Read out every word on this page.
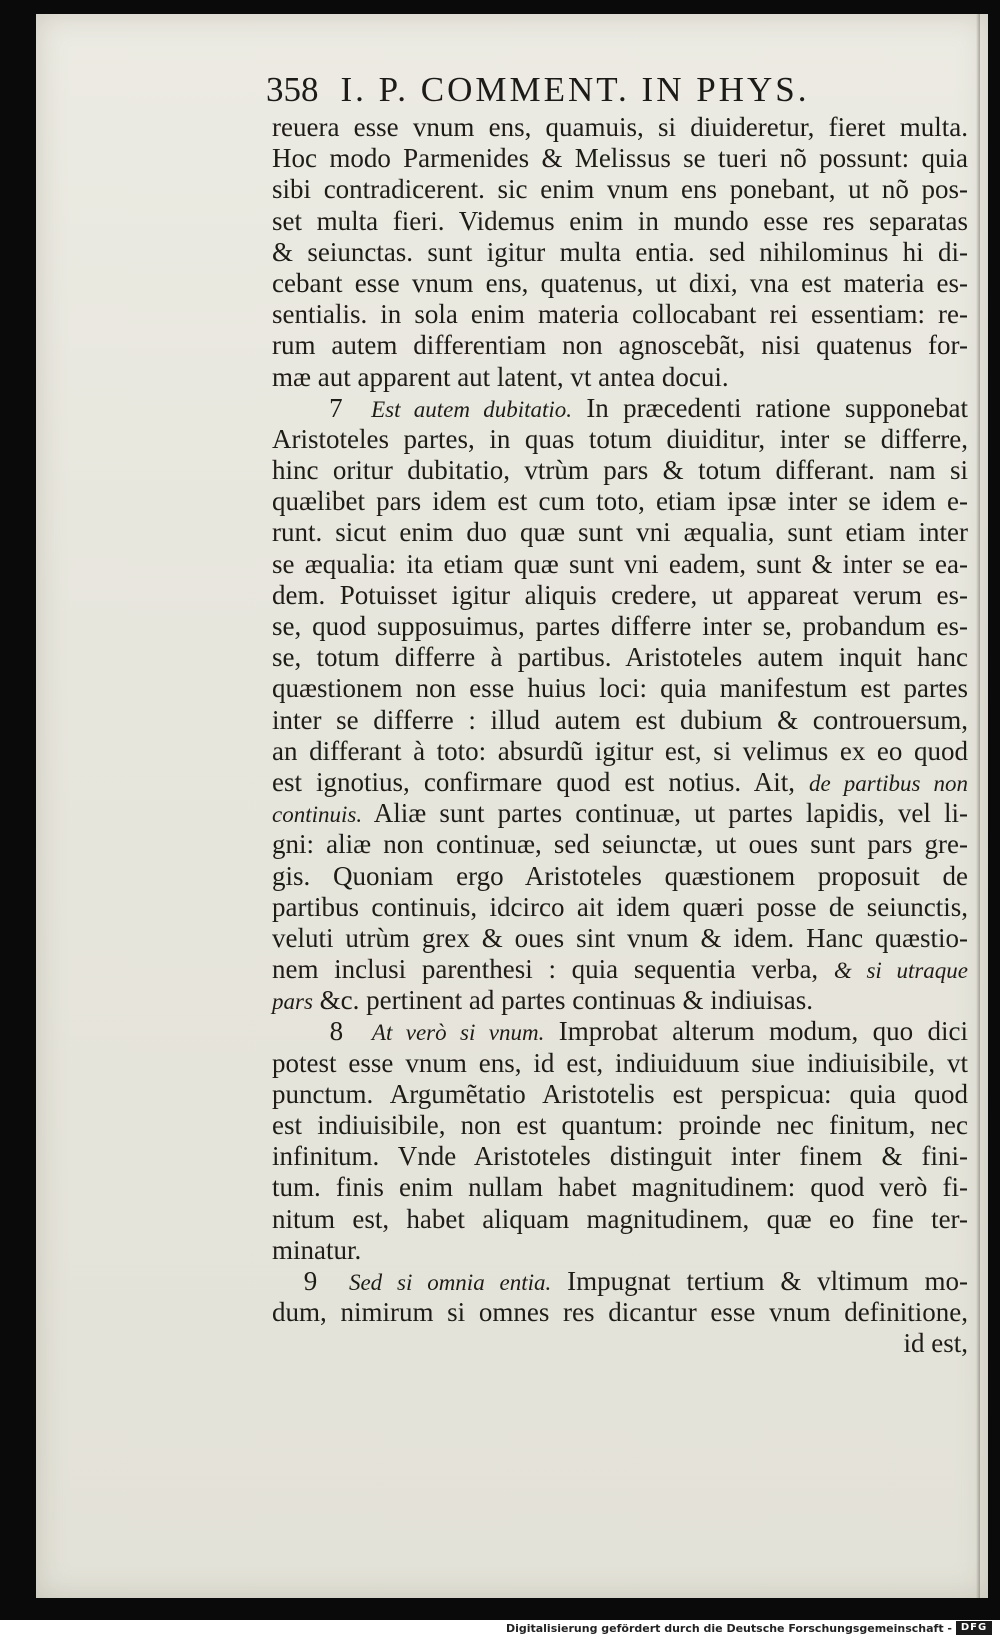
358 I. P. COMMENT. IN PHYS.
reuera esse vnum ens, quamuis, si diuideretur, fieret multa.
Hoc modo Parmenides & Melissus se tueri nõ possunt: quia
sibi contradicerent. sic enim vnum ens ponebant, ut nõ pos-
set multa fieri. Videmus enim in mundo esse res separatas
& seiunctas. sunt igitur multa entia. sed nihilominus hi di-
cebant esse vnum ens, quatenus, ut dixi, vna est materia es-
sentialis. in sola enim materia collocabant rei essentiam: re-
rum autem differentiam non agnoscebãt, nisi quatenus for-
mæ aut apparent aut latent, vt antea docui.
7 Est autem dubitatio. In præcedenti ratione supponebat
Aristoteles partes, in quas totum diuiditur, inter se differre,
hinc oritur dubitatio, vtrùm pars & totum differant. nam si
quælibet pars idem est cum toto, etiam ipsæ inter se idem e-
runt. sicut enim duo quæ sunt vni æqualia, sunt etiam inter
se æqualia: ita etiam quæ sunt vni eadem, sunt & inter se ea-
dem. Potuisset igitur aliquis credere, ut appareat verum es-
se, quod supposuimus, partes differre inter se, probandum es-
se, totum differre à partibus. Aristoteles autem inquit hanc
quæstionem non esse huius loci: quia manifestum est partes
inter se differre : illud autem est dubium & controuersum,
an differant à toto: absurdũ igitur est, si velimus ex eo quod
est ignotius, confirmare quod est notius. Ait, de partibus non
continuis. Aliæ sunt partes continuæ, ut partes lapidis, vel li-
gni: aliæ non continuæ, sed seiunctæ, ut oues sunt pars gre-
gis. Quoniam ergo Aristoteles quæstionem proposuit de
partibus continuis, idcirco ait idem quæri posse de seiunctis,
veluti utrùm grex & oues sint vnum & idem. Hanc quæstio-
nem inclusi parenthesi : quia sequentia verba, & si utraque
pars &c. pertinent ad partes continuas & indiuisas.
8 At verò si vnum. Improbat alterum modum, quo dici
potest esse vnum ens, id est, indiuiduum siue indiuisibile, vt
punctum. Argumẽtatio Aristotelis est perspicua: quia quod
est indiuisibile, non est quantum: proinde nec finitum, nec
infinitum. Vnde Aristoteles distinguit inter finem & fini-
tum. finis enim nullam habet magnitudinem: quod verò fi-
nitum est, habet aliquam magnitudinem, quæ eo fine ter-
minatur.
9 Sed si omnia entia. Impugnat tertium & vltimum mo-
dum, nimirum si omnes res dicantur esse vnum definitione,
id est,
Digitalisierung gefördert durch die Deutsche Forschungsgemeinschaft - DFG
